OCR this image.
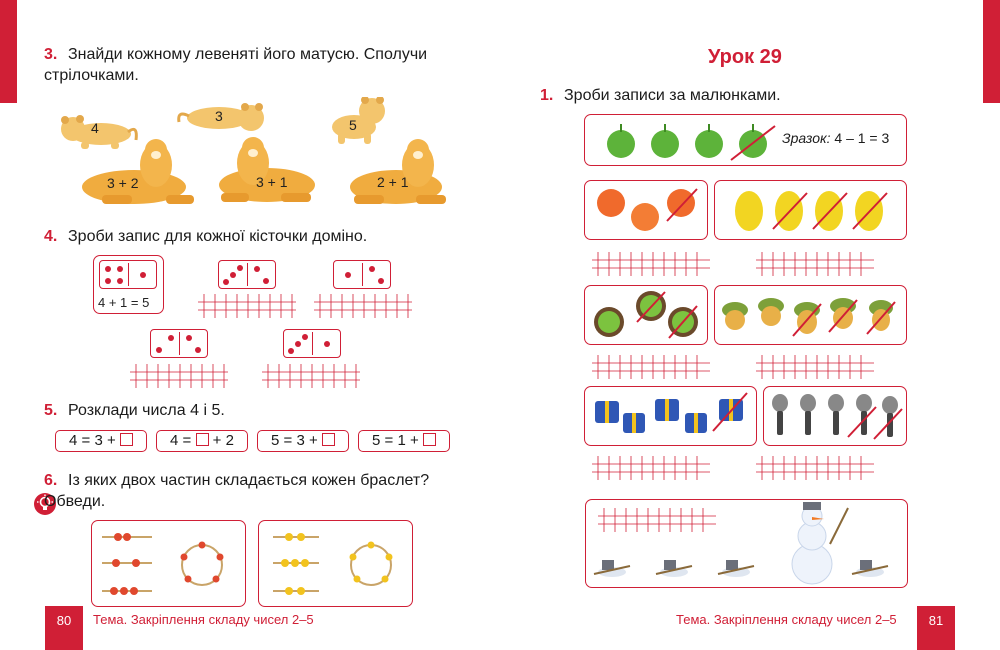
3. Знайди кожному левеняті його матусю. Сполучи стрілочками.
4
3
5
3 + 2	3 + 1	2 + 1
4. Зроби запис для кожної кісточки доміно.
4 + 1 = 5
5. Розклади числа 4 і 5.
4 = 3 +	4 = + 2	5 = 3 +	5 = 1 +
6. Із яких двох частин складається кожен браслет? Обведи.
80	Тема. Закріплення складу чисел 2–5
Урок 29
1. Зроби записи за малюнками.
Зразок: 4 – 1 = 3
Тема. Закріплення складу чисел 2–5	81
